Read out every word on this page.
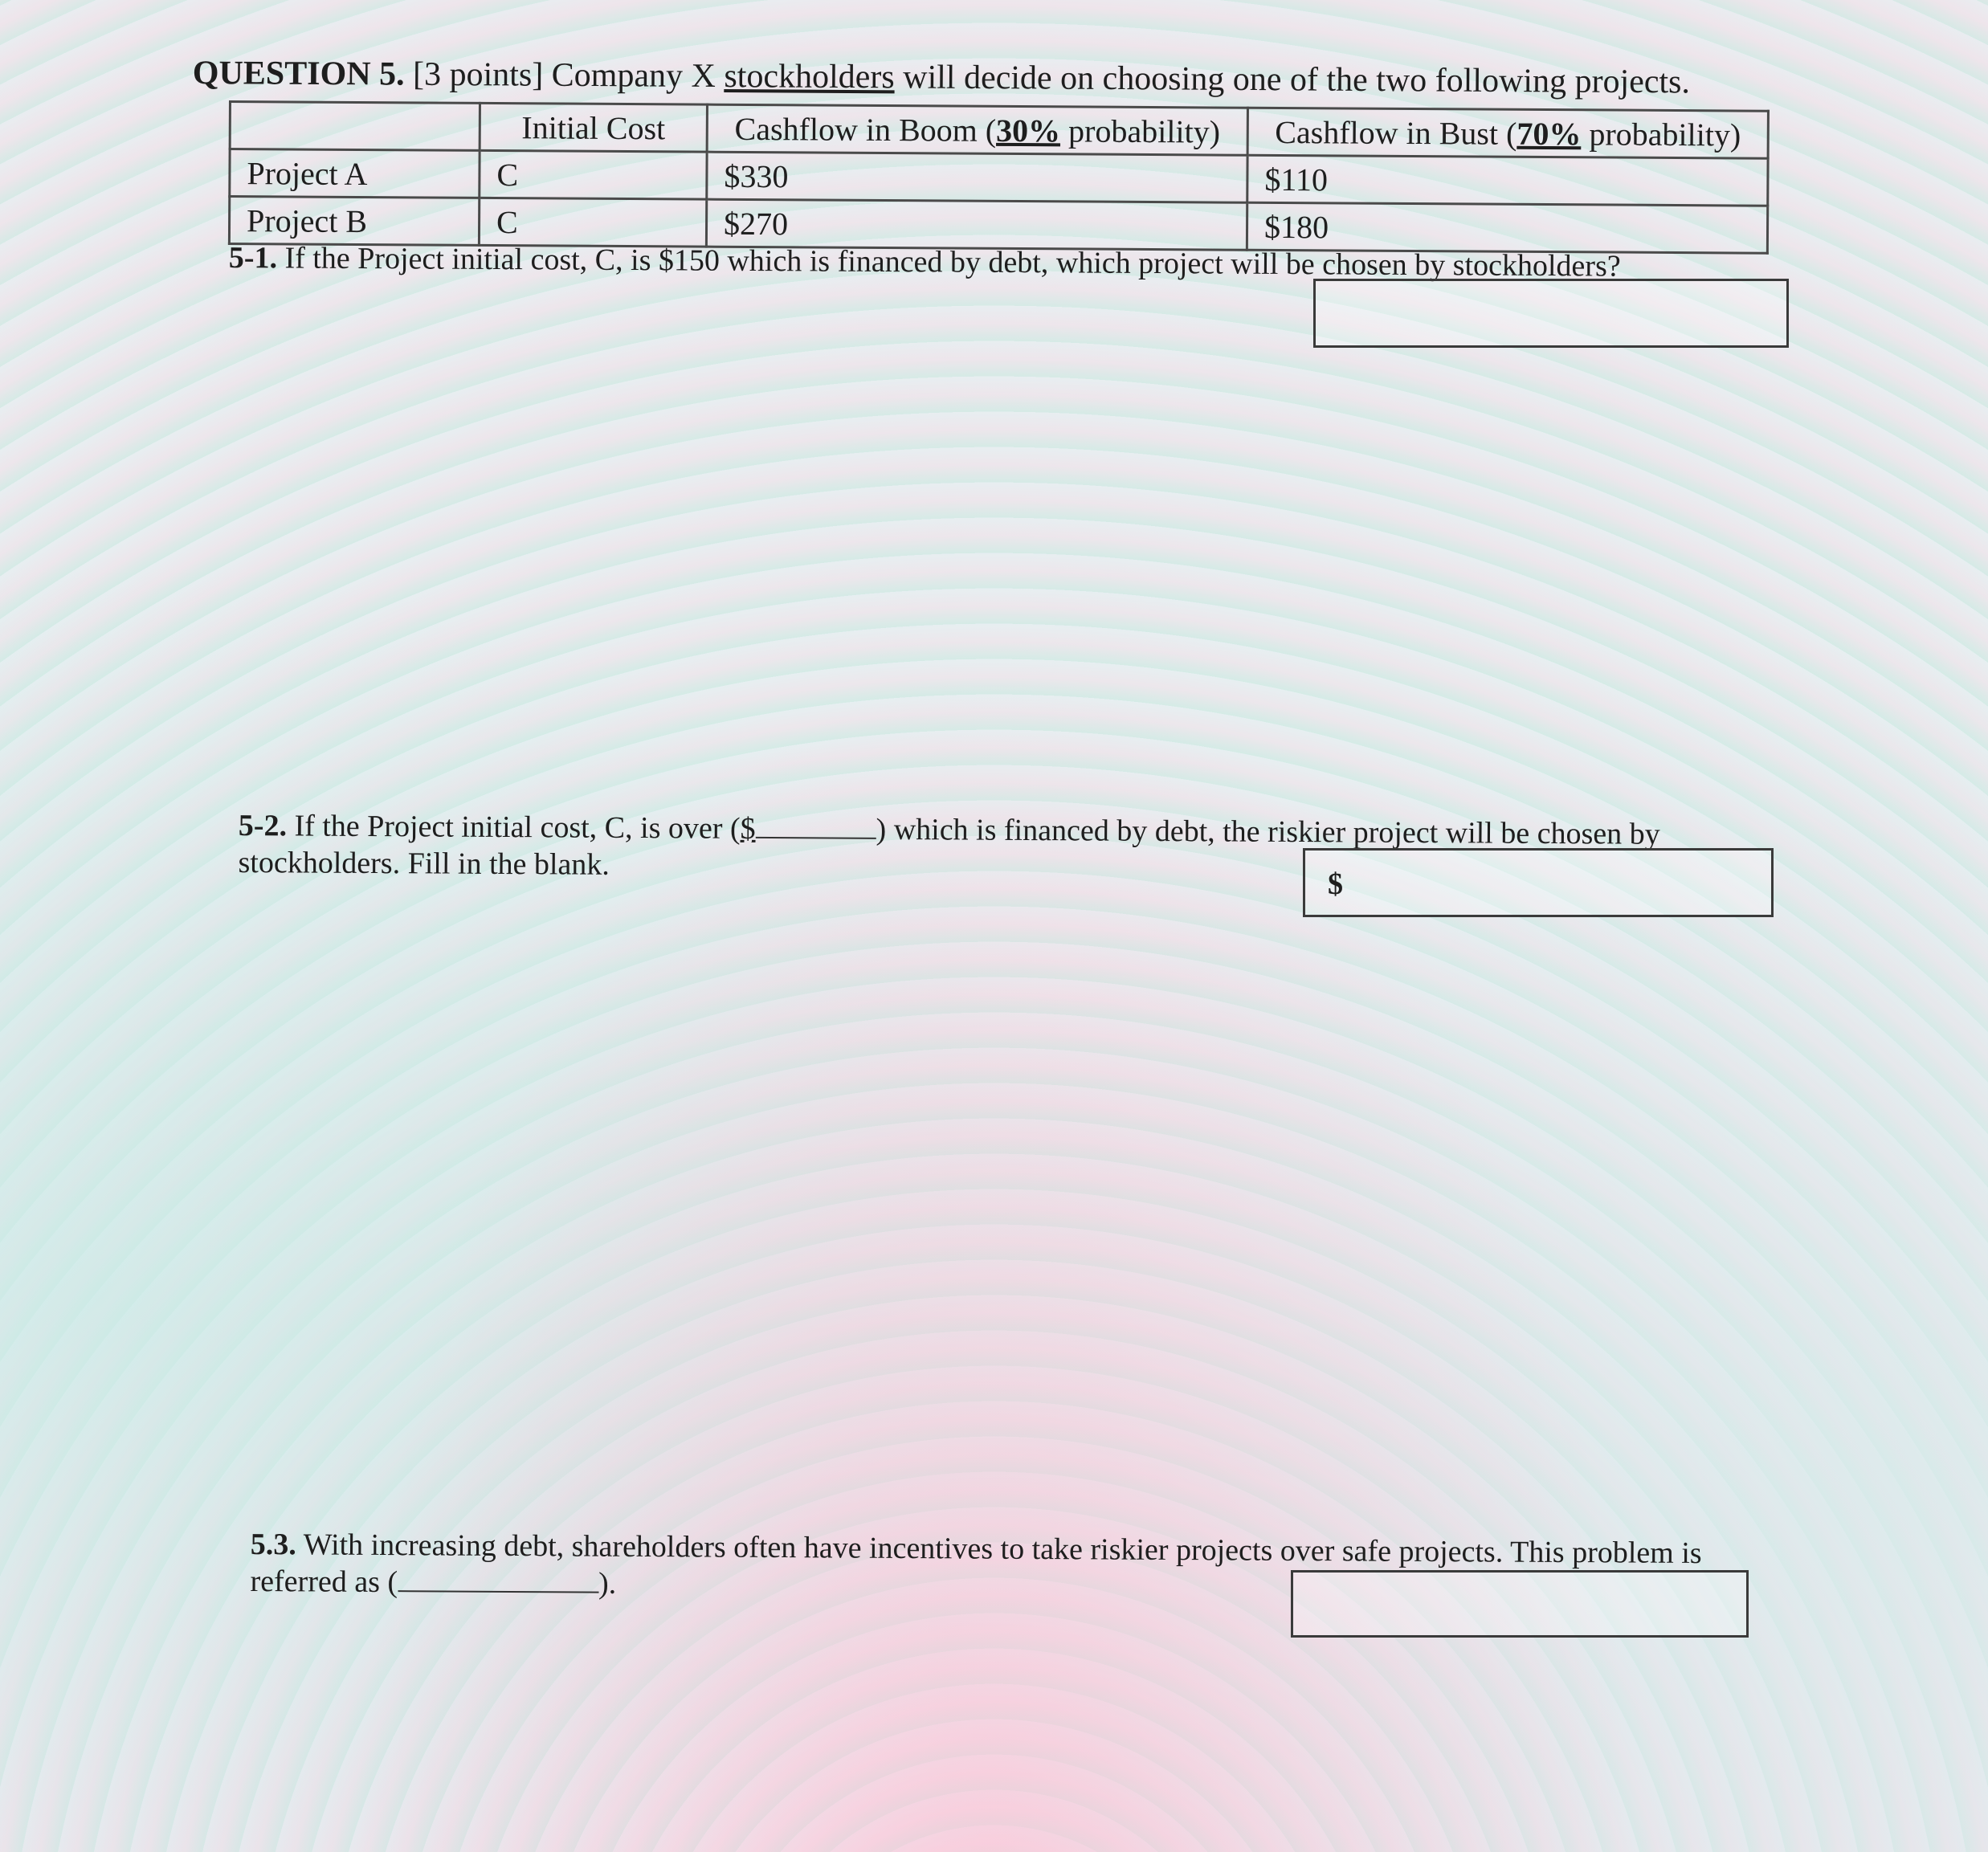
QUESTION 5. [3 points] Company X stockholders will decide on choosing one of the two following projects.
	Initial Cost	Cashflow in Boom (30% probability)	Cashflow in Bust (70% probability)
Project A	C	$330	$110
Project B	C	$270	$180
5-1. If the Project initial cost, C, is $150 which is financed by debt, which project will be chosen by stockholders?
5-2. If the Project initial cost, C, is over ($	) which is financed by debt, the riskier project will be chosen by stockholders. Fill in the blank.
$
5.3. With increasing debt, shareholders often have incentives to take riskier projects over safe projects. This problem is referred as (	).
